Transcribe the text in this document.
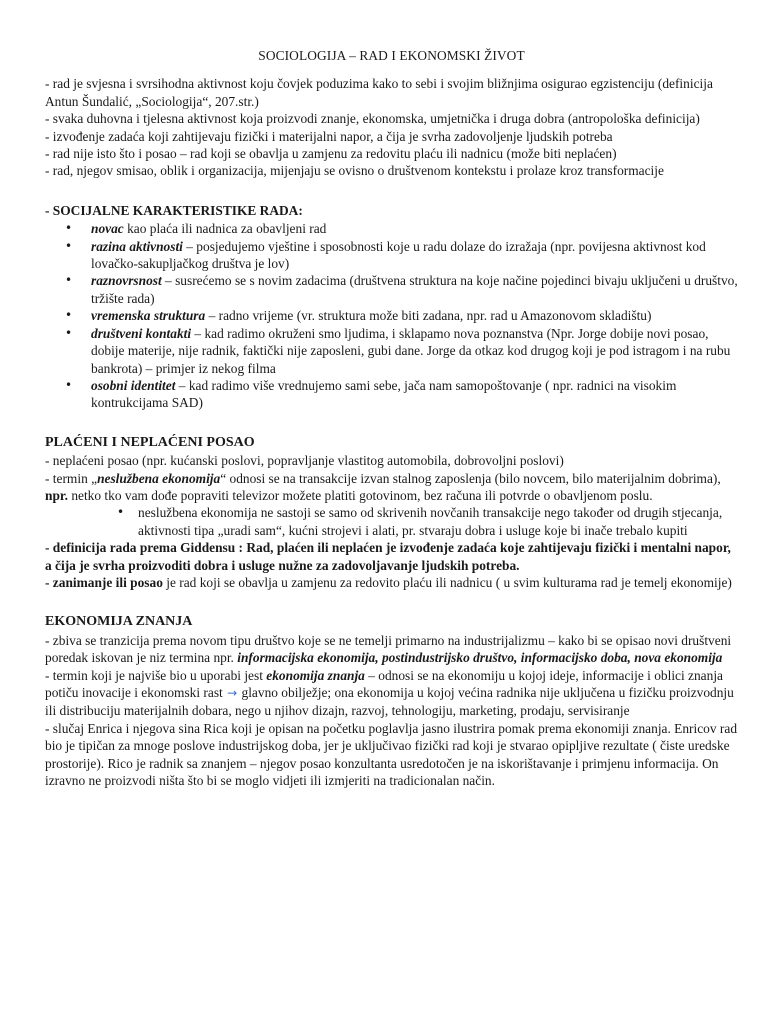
SOCIOLOGIJA – RAD I EKONOMSKI ŽIVOT

- rad je svjesna i svrsihodna aktivnost koju čovjek poduzima kako to sebi i svojim bližnjima osigurao egzistenciju (definicija Antun Šundalić, „Sociologija“, 207.str.)

- svaka duhovna i tjelesna aktivnost koja proizvodi znanje, ekonomska, umjetnička i druga dobra (antropološka definicija)

- izvođenje zadaća koji zahtijevaju fizički i materijalni napor, a čija je svrha zadovoljenje ljudskih potreba

- rad nije isto što i posao – rad koji se obavlja u zamjenu za redovitu plaću ili nadnicu (može biti neplaćen)

- rad, njegov smisao, oblik i organizacija, mijenjaju se ovisno o društvenom kontekstu i prolaze kroz transformacije

- SOCIJALNE KARAKTERISTIKE RADA:

• novac kao plaća ili nadnica za obavljeni rad
• razina aktivnosti – posjedujemo vještine i sposobnosti koje u radu dolaze do izražaja (npr. povijesna aktivnost kod lovačko-sakupljačkog društva je lov)
• raznovrsnost – susrećemo se s novim zadacima (društvena struktura na koje načine pojedinci bivaju uključeni u društvo, tržište rada)
• vremenska struktura – radno vrijeme (vr. struktura može biti zadana, npr. rad u Amazonovom skladištu)
• društveni kontakti – kad radimo okruženi smo ljudima, i sklapamo nova poznanstva (Npr. Jorge dobije novi posao, dobije materije, nije radnik, faktički nije zaposleni, gubi dane. Jorge da otkaz kod drugog koji je pod istragom i na rubu bankrota) – primjer iz nekog filma
• osobni identitet – kad radimo više vrednujemo sami sebe, jača nam samopoštovanje ( npr. radnici na visokim kontrukcijama SAD)

PLAĆENI I NEPLAĆENI POSAO

- neplaćeni posao (npr. kućanski poslovi, popravljanje vlastitog automobila, dobrovoljni poslovi)

- termin „neslužbena ekonomija“ odnosi se na transakcije izvan stalnog zaposlenja (bilo novcem, bilo materijalnim dobrima), npr. netko tko vam dođe popraviti televizor možete platiti gotovinom, bez računa ili potvrde o obavljenom poslu.

• neslužbena ekonomija ne sastoji se samo od skrivenih novčanih transakcije nego također od drugih stjecanja, aktivnosti tipa „uradi sam“, kućni strojevi i alati, pr. stvaraju dobra i usluge koje bi inače trebalo kupiti

- definicija rada prema Giddensu : Rad, plaćen ili neplaćen je izvođenje zadaća koje zahtijevaju fizički i mentalni napor, a čija je svrha proizvoditi dobra i usluge nužne za zadovoljavanje ljudskih potreba.

- zanimanje ili posao je rad koji se obavlja u zamjenu za redovito plaću ili nadnicu ( u svim kulturama rad je temelj ekonomije)

EKONOMIJA ZNANJA

- zbiva se tranzicija prema novom tipu društvo koje se ne temelji primarno na industrijalizmu – kako bi se opisao novi društveni poredak iskovan je niz termina npr. informacijska ekonomija, postindustrijsko društvo, informacijsko doba, nova ekonomija

- termin koji je najviše bio u uporabi jest ekonomija znanja – odnosi se na ekonomiju u kojoj ideje, informacije i oblici znanja potiču inovacije i ekonomski rast → glavno obilježje; ona ekonomija u kojoj većina radnika nije uključena u fizičku proizvodnju ili distribuciju materijalnih dobara, nego u njihov dizajn, razvoj, tehnologiju, marketing, prodaju, servisiranje

- slučaj Enrica i njegova sina Rica koji je opisan na početku poglavlja jasno ilustrira pomak prema ekonomiji znanja. Enricov rad bio je tipičan za mnoge poslove industrijskog doba, jer je uključivao fizički rad koji je stvarao opipljive rezultate ( čiste uredske prostorije). Rico je radnik sa znanjem – njegov posao konzultanta usredotočen je na iskorištavanje i primjenu informacija. On izravno ne proizvodi ništa što bi se moglo vidjeti ili izmjeriti na tradicionalan način.
